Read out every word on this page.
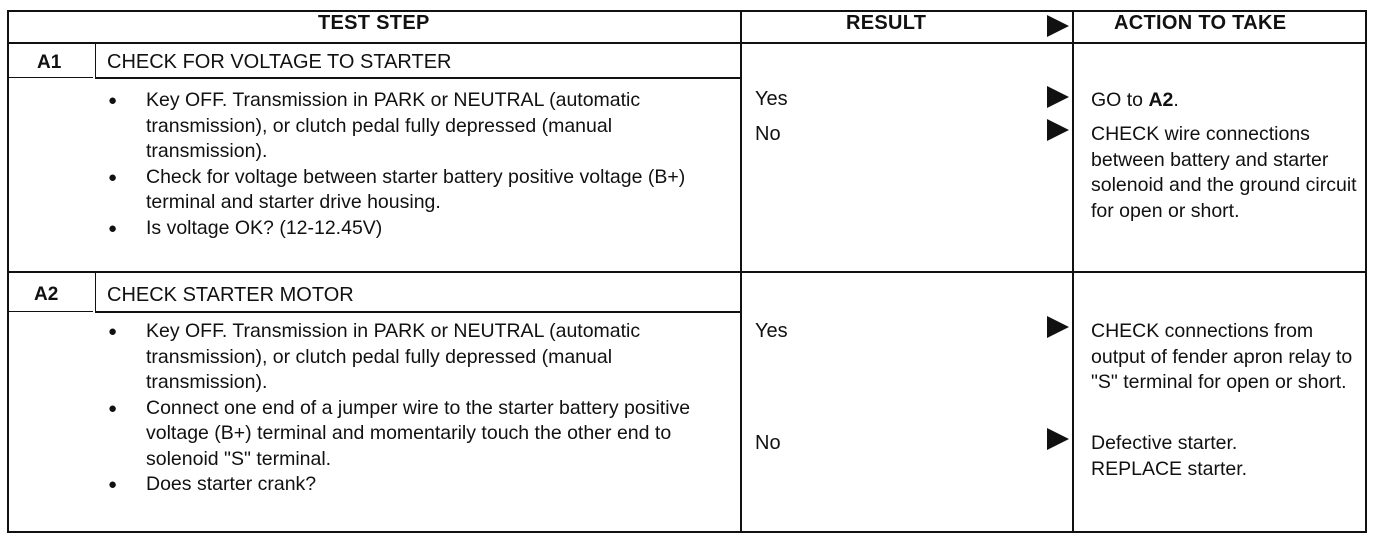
TEST STEP	RESULT	ACTION TO TAKE
A1 CHECK FOR VOLTAGE TO STARTER
● Key OFF. Transmission in PARK or NEUTRAL (automatic transmission), or clutch pedal fully depressed (manual transmission).
● Check for voltage between starter battery positive voltage (B+) terminal and starter drive housing.
● Is voltage OK? (12-12.45V)
Yes	GO to A2.
No	CHECK wire connections between battery and starter solenoid and the ground circuit for open or short.
A2 CHECK STARTER MOTOR
● Key OFF. Transmission in PARK or NEUTRAL (automatic transmission), or clutch pedal fully depressed (manual transmission).
● Connect one end of a jumper wire to the starter battery positive voltage (B+) terminal and momentarily touch the other end to solenoid "S" terminal.
● Does starter crank?
Yes	CHECK connections from output of fender apron relay to "S" terminal for open or short.
No	Defective starter. REPLACE starter.
